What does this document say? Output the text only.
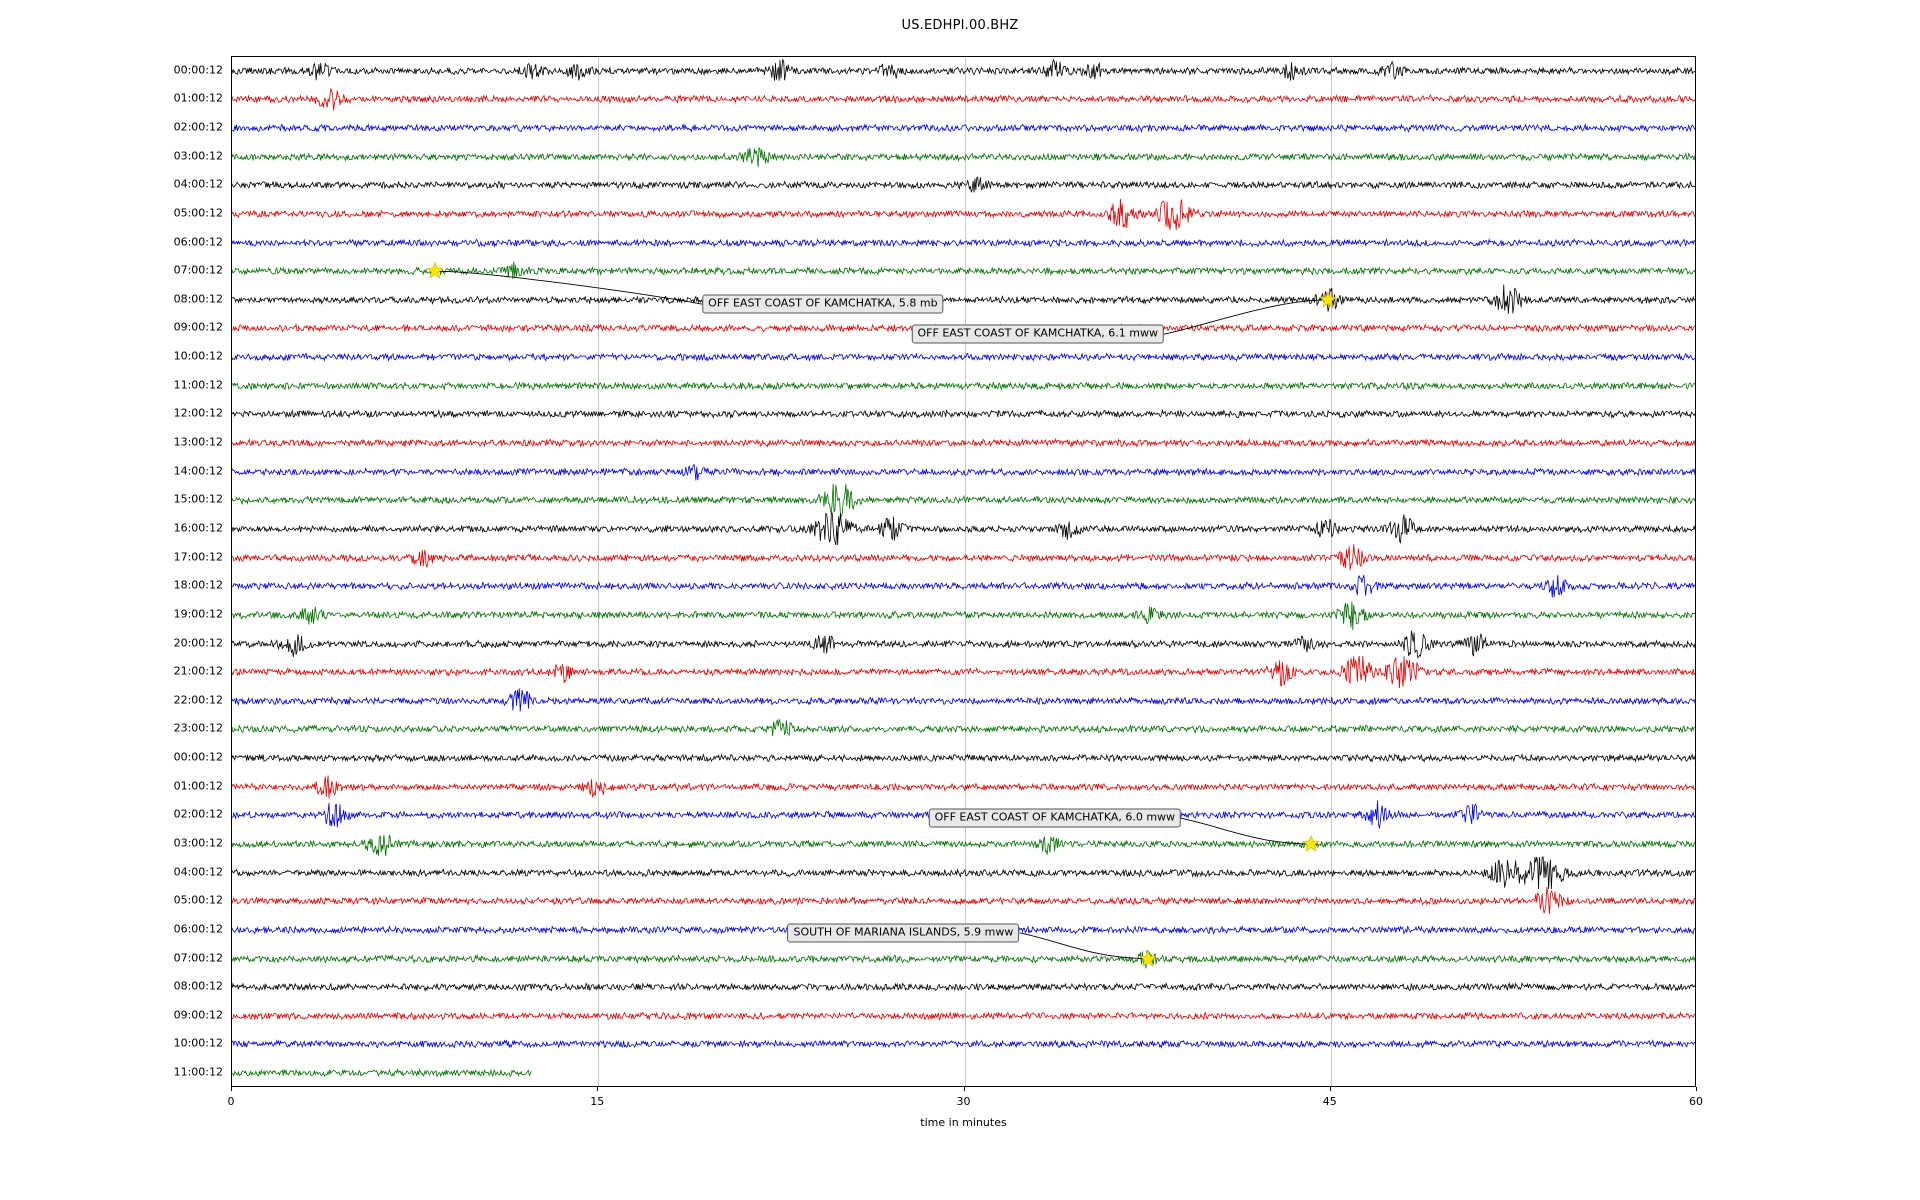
US.EDHPI.00.BHZ
00:00:12
01:00:12
02:00:12
03:00:12
04:00:12
05:00:12
06:00:12
07:00:12
08:00:12
09:00:12
10:00:12
11:00:12
12:00:12
13:00:12
14:00:12
15:00:12
16:00:12
17:00:12
18:00:12
19:00:12
20:00:12
21:00:12
22:00:12
23:00:12
00:00:12
01:00:12
02:00:12
03:00:12
04:00:12
05:00:12
06:00:12
07:00:12
08:00:12
09:00:12
10:00:12
11:00:12
OFF EAST COAST OF KAMCHATKA, 5.8 mb
OFF EAST COAST OF KAMCHATKA, 6.1 mww
OFF EAST COAST OF KAMCHATKA, 6.0 mww
SOUTH OF MARIANA ISLANDS, 5.9 mww
0	15	30	45	60
time in minutes
